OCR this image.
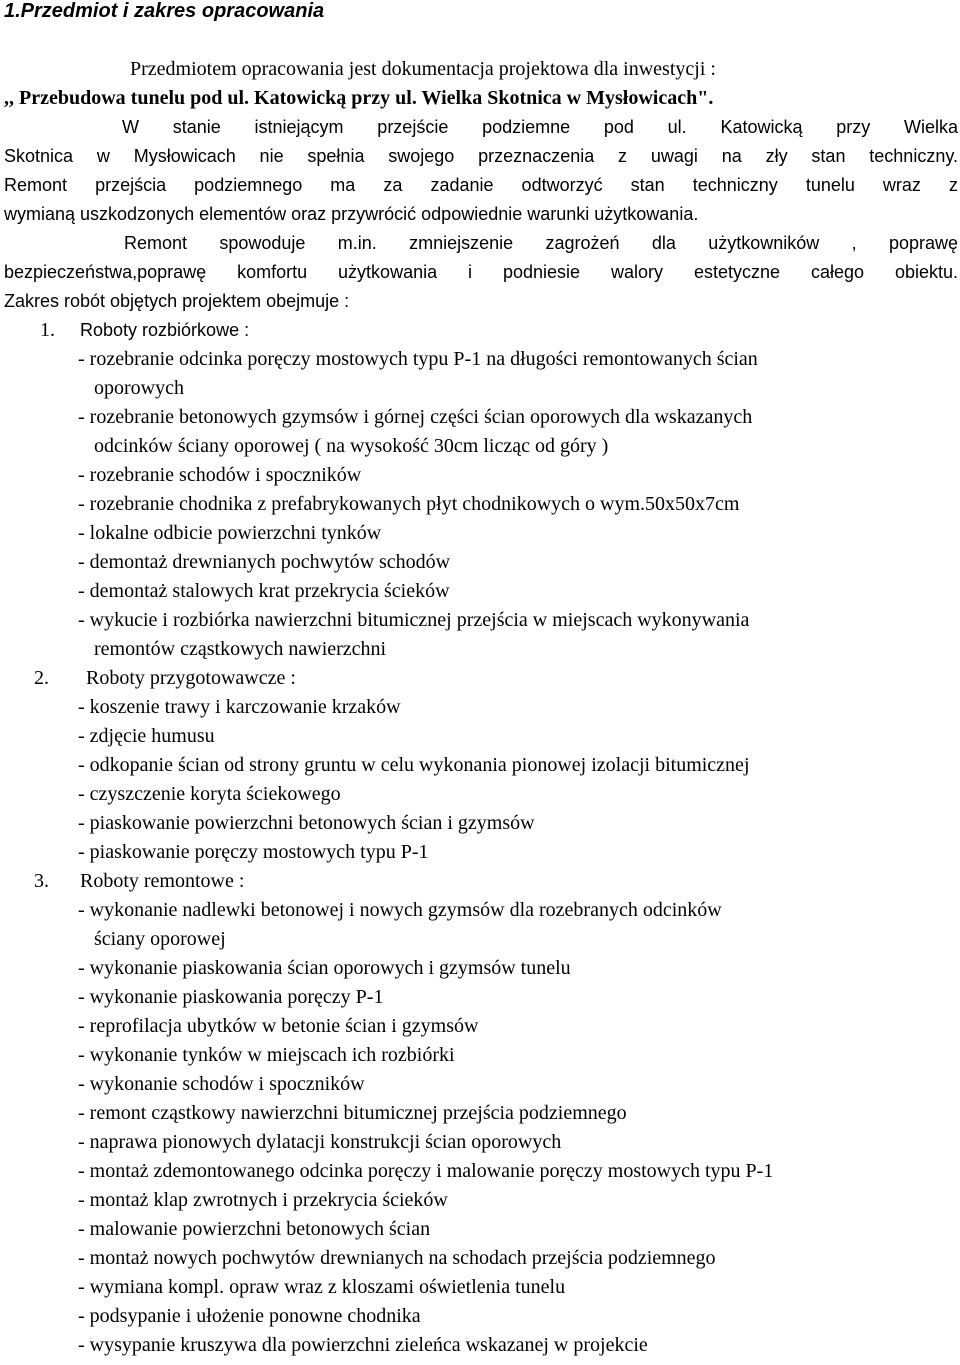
1.Przedmiot i zakres opracowania
Przedmiotem opracowania jest dokumentacja projektowa dla inwestycji :
,, Przebudowa tunelu pod ul. Katowicką przy ul. Wielka Skotnica w Mysłowicach".
W stanie istniejącym przejście podziemne pod ul. Katowicką przy Wielka
Skotnica w Mysłowicach nie spełnia swojego przeznaczenia z uwagi na zły stan techniczny.
Remont przejścia podziemnego ma za zadanie odtworzyć stan techniczny tunelu wraz z
wymianą uszkodzonych elementów oraz przywrócić odpowiednie warunki użytkowania.
Remont spowoduje m.in. zmniejszenie zagrożeń dla użytkowników , poprawę
bezpieczeństwa,poprawę komfortu użytkowania i podniesie walory estetyczne całego obiektu.
Zakres robót objętych projektem obejmuje :
1. Roboty rozbiórkowe :
- rozebranie odcinka poręczy mostowych typu P-1 na długości remontowanych ścian
oporowych
- rozebranie betonowych gzymsów i górnej części ścian oporowych dla wskazanych
odcinków ściany oporowej ( na wysokość 30cm licząc od góry )
- rozebranie schodów i spoczników
- rozebranie chodnika z prefabrykowanych płyt chodnikowych o wym.50x50x7cm
- lokalne odbicie powierzchni tynków
- demontaż drewnianych pochwytów schodów
- demontaż stalowych krat przekrycia ścieków
- wykucie i rozbiórka nawierzchni bitumicznej przejścia w miejscach wykonywania
remontów cząstkowych nawierzchni
2. Roboty przygotowawcze :
- koszenie trawy i karczowanie krzaków
- zdjęcie humusu
- odkopanie ścian od strony gruntu w celu wykonania pionowej izolacji bitumicznej
- czyszczenie koryta ściekowego
- piaskowanie powierzchni betonowych ścian i gzymsów
- piaskowanie poręczy mostowych typu P-1
3. Roboty remontowe :
- wykonanie nadlewki betonowej i nowych gzymsów dla rozebranych odcinków
ściany oporowej
- wykonanie piaskowania ścian oporowych i gzymsów tunelu
- wykonanie piaskowania poręczy P-1
- reprofilacja ubytków w betonie ścian i gzymsów
- wykonanie tynków w miejscach ich rozbiórki
- wykonanie schodów i spoczników
- remont cząstkowy nawierzchni bitumicznej przejścia podziemnego
- naprawa pionowych dylatacji konstrukcji ścian oporowych
- montaż zdemontowanego odcinka poręczy i malowanie poręczy mostowych typu P-1
- montaż klap zwrotnych i przekrycia ścieków
- malowanie powierzchni betonowych ścian
- montaż nowych pochwytów drewnianych na schodach przejścia podziemnego
- wymiana kompl. opraw wraz z kloszami oświetlenia tunelu
- podsypanie i ułożenie ponowne chodnika
- wysypanie kruszywa dla powierzchni zieleńca wskazanej w projekcie
